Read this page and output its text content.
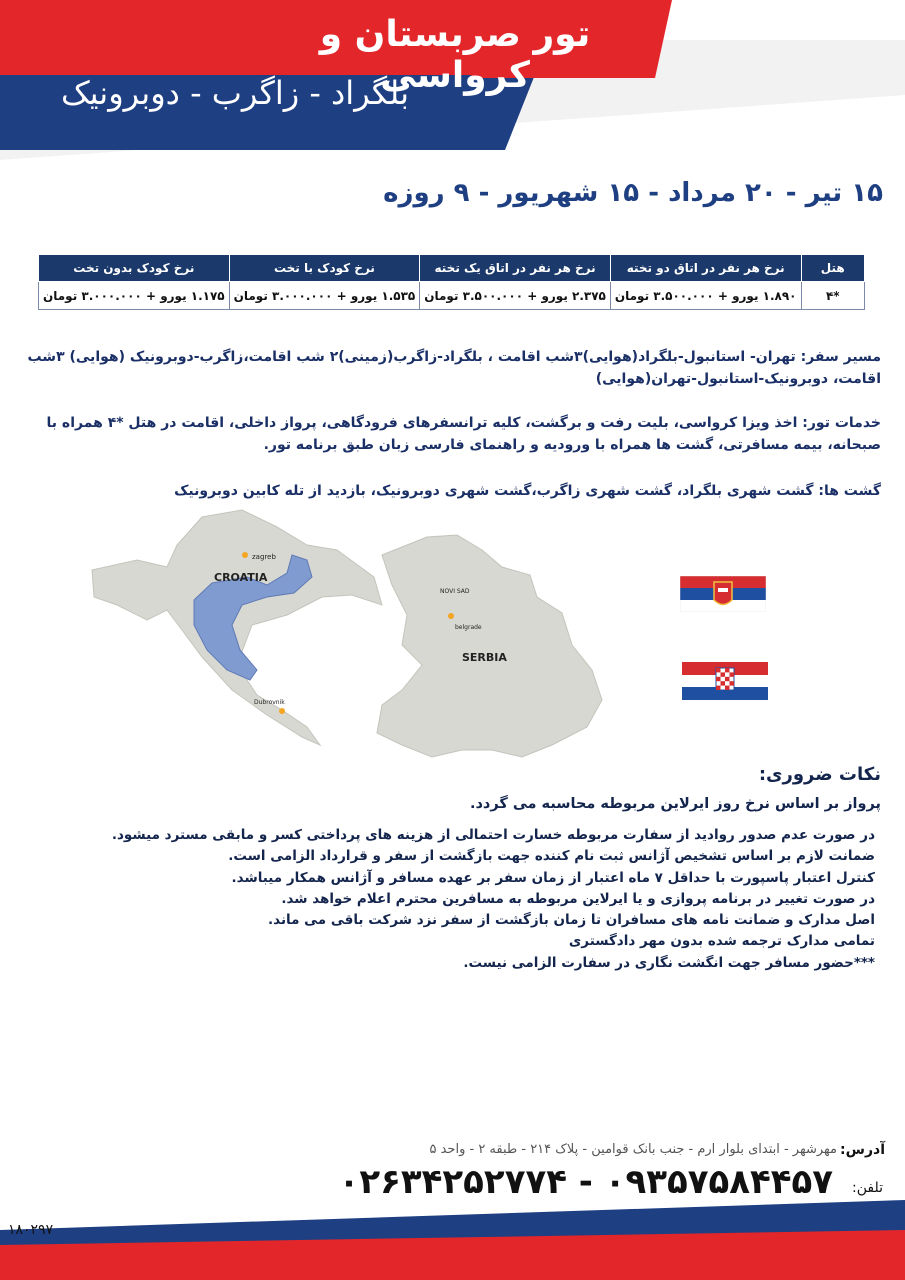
تور صربستان و کرواسی
بلگراد - زاگرب - دوبرونیک
۱۵ تیر - ۲۰ مرداد - ۱۵ شهریور - ۹ روزه
هتل	نرخ هر نفر در اتاق دو تخته	نرخ هر نفر در اتاق یک تخته	نرخ کودک با تخت	نرخ کودک بدون تخت
*۴	۱.۸۹۰ یورو + ۳.۵۰۰.۰۰۰ تومان	۲.۳۷۵ یورو + ۳.۵۰۰.۰۰۰ تومان	۱.۵۳۵ یورو + ۳.۰۰۰.۰۰۰ تومان	۱.۱۷۵ یورو + ۳.۰۰۰.۰۰۰ تومان
مسیر سفر: تهران- استانبول-بلگراد(هوایی)۳شب اقامت ، بلگراد-زاگرب(زمینی)۲ شب اقامت،زاگرب-دوبرونیک (هوایی) ۳شب اقامت، دوبرونیک-استانبول-تهران(هوایی)
خدمات تور: اخذ ویزا کرواسی، بلیت رفت و برگشت، کلیه ترانسفرهای فرودگاهی، پرواز داخلی، اقامت در هتل *۴ همراه با صبحانه، بیمه مسافرتی، گشت ها همراه با ورودیه و راهنمای فارسی زبان طبق برنامه تور.
گشت ها: گشت شهری بلگراد، گشت شهری زاگرب،گشت شهری دوبرونیک، بازدید از تله کابین دوبرونیک
CROATIA
zagreb
NOVI SAD
belgrade
SERBIA
Dubrovnik
نکات ضروری:
پرواز بر اساس نرخ روز ایرلاین مربوطه محاسبه می گردد.
در صورت عدم صدور روادید از سفارت مربوطه خسارت احتمالی از هزینه های پرداختی کسر و مابقی مسترد میشود.
ضمانت لازم بر اساس تشخیص آژانس ثبت نام کننده جهت بازگشت از سفر و قرارداد الزامی است.
کنترل اعتبار پاسپورت با حداقل ۷ ماه اعتبار از زمان سفر بر عهده مسافر و آژانس همکار میباشد.
در صورت تغییر در برنامه پروازی و یا ایرلاین مربوطه به مسافرین محترم اعلام خواهد شد.
اصل مدارک و ضمانت نامه های مسافران تا زمان بازگشت از سفر نزد شرکت باقی می ماند.
تمامی مدارک ترجمه شده بدون مهر دادگستری
***حضور مسافر جهت انگشت نگاری در سفارت الزامی نیست.
آدرس:
مهرشهر - ابتدای بلوار ارم - جنب بانک قوامین - پلاک ۲۱۴ - طبقه ۲ - واحد ۵
تلفن:
۰۲۶۳۴۲۵۲۷۷۴ - ۰۹۳۵۷۵۸۴۴۵۷
۱۸۰۲۹۷
